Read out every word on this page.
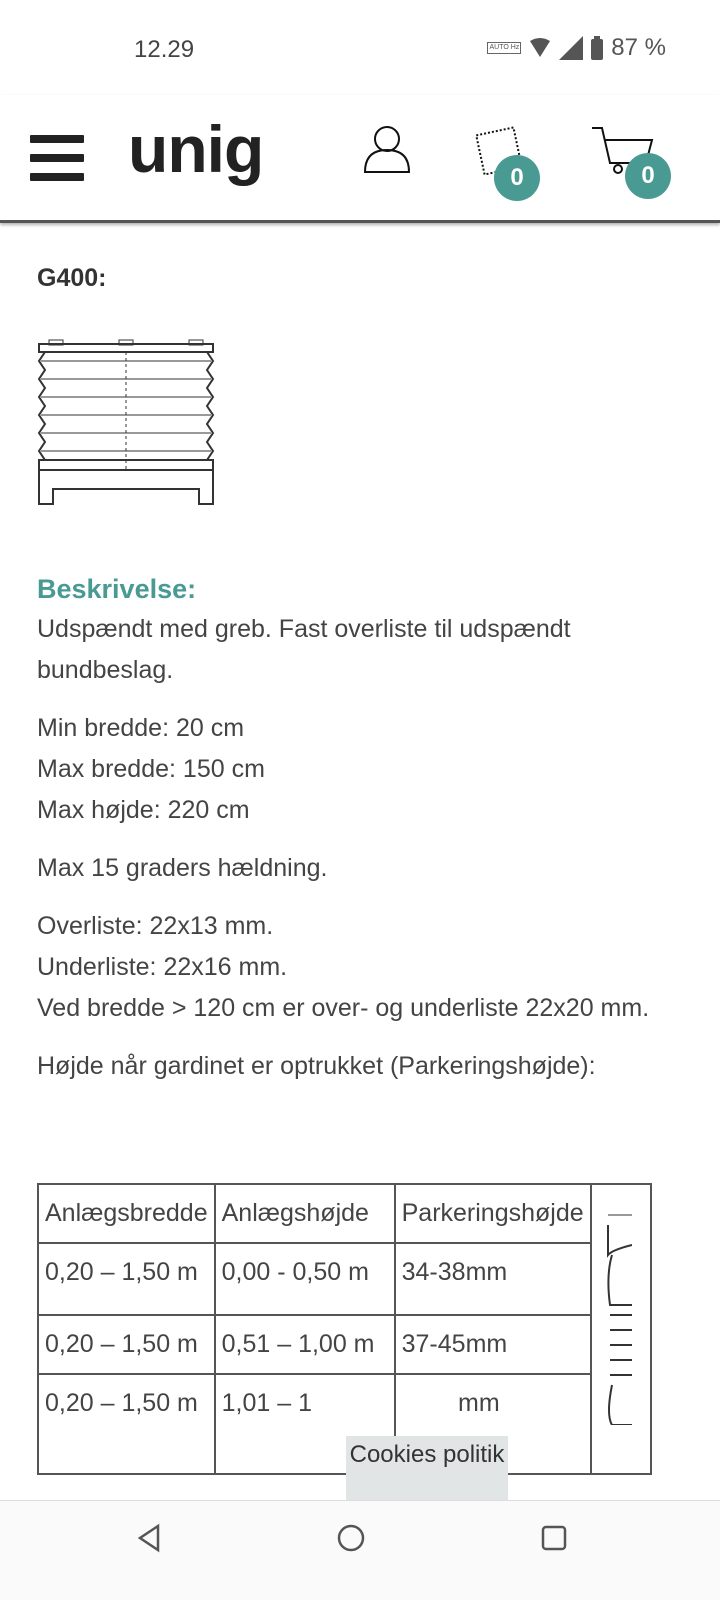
12.29	AUTO Hz	87 %
unig	0	0
G400:
Beskrivelse:

Udspændt med greb. Fast overliste til udspændt bundbeslag.

Min bredde: 20 cm
Max bredde: 150 cm
Max højde: 220 cm

Max 15 graders hældning.

Overliste: 22x13 mm.
Underliste: 22x16 mm.
Ved bredde > 120 cm er over- og underliste 22x20 mm.

Højde når gardinet er optrukket (Parkeringshøjde):

Anlægsbredde	Anlægshøjde	Parkeringshøjde	
0,20 – 1,50 m	0,00 - 0,50 m	34-38mm	
0,20 – 1,50 m	0,51 – 1,00 m	37-45mm	
0,20 – 1,50 m	1,01 – 1	mm	
Cookies politik
